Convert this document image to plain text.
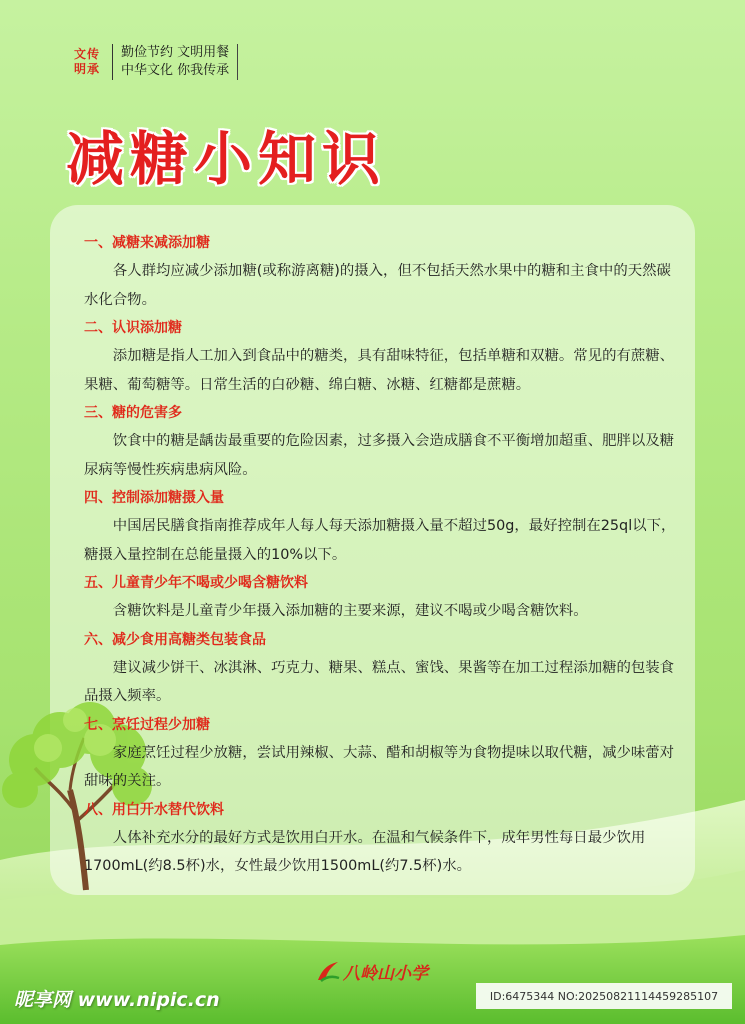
文 传
明 承
勤俭节约 文明用餐
中华文化 你我传承
减糖小知识
一、减糖来减添加糖
各人群均应减少添加糖(或称游离糖)的摄入，但不包括天然水果中的糖和主食中的天然碳水化合物。
二、认识添加糖
添加糖是指人工加入到食品中的糖类，具有甜味特征，包括单糖和双糖。常见的有蔗糖、果糖、葡萄糖等。日常生活的白砂糖、绵白糖、冰糖、红糖都是蔗糖。
三、糖的危害多
饮食中的糖是龋齿最重要的危险因素，过多摄入会造成膳食不平衡增加超重、肥胖以及糖尿病等慢性疾病患病风险。
四、控制添加糖摄入量
中国居民膳食指南推荐成年人每人每天添加糖摄入量不超过50g，最好控制在25ql以下，糖摄入量控制在总能量摄入的10%以下。
五、儿童青少年不喝或少喝含糖饮料
含糖饮料是儿童青少年摄入添加糖的主要来源，建议不喝或少喝含糖饮料。
六、减少食用高糖类包装食品
建议减少饼干、冰淇淋、巧克力、糖果、糕点、蜜饯、果酱等在加工过程添加糖的包装食品摄入频率。
七、烹饪过程少加糖
家庭烹饪过程少放糖，尝试用辣椒、大蒜、醋和胡椒等为食物提味以取代糖，减少味蕾对甜味的关注。
八、用白开水替代饮料
人体补充水分的最好方式是饮用白开水。在温和气候条件下，成年男性每日最少饮用1700mL(约8.5杯)水，女性最少饮用1500mL(约7.5杯)水。
八岭山小学
昵享网 www.nipic.cn	ID:6475344 NO:20250821114459285107
